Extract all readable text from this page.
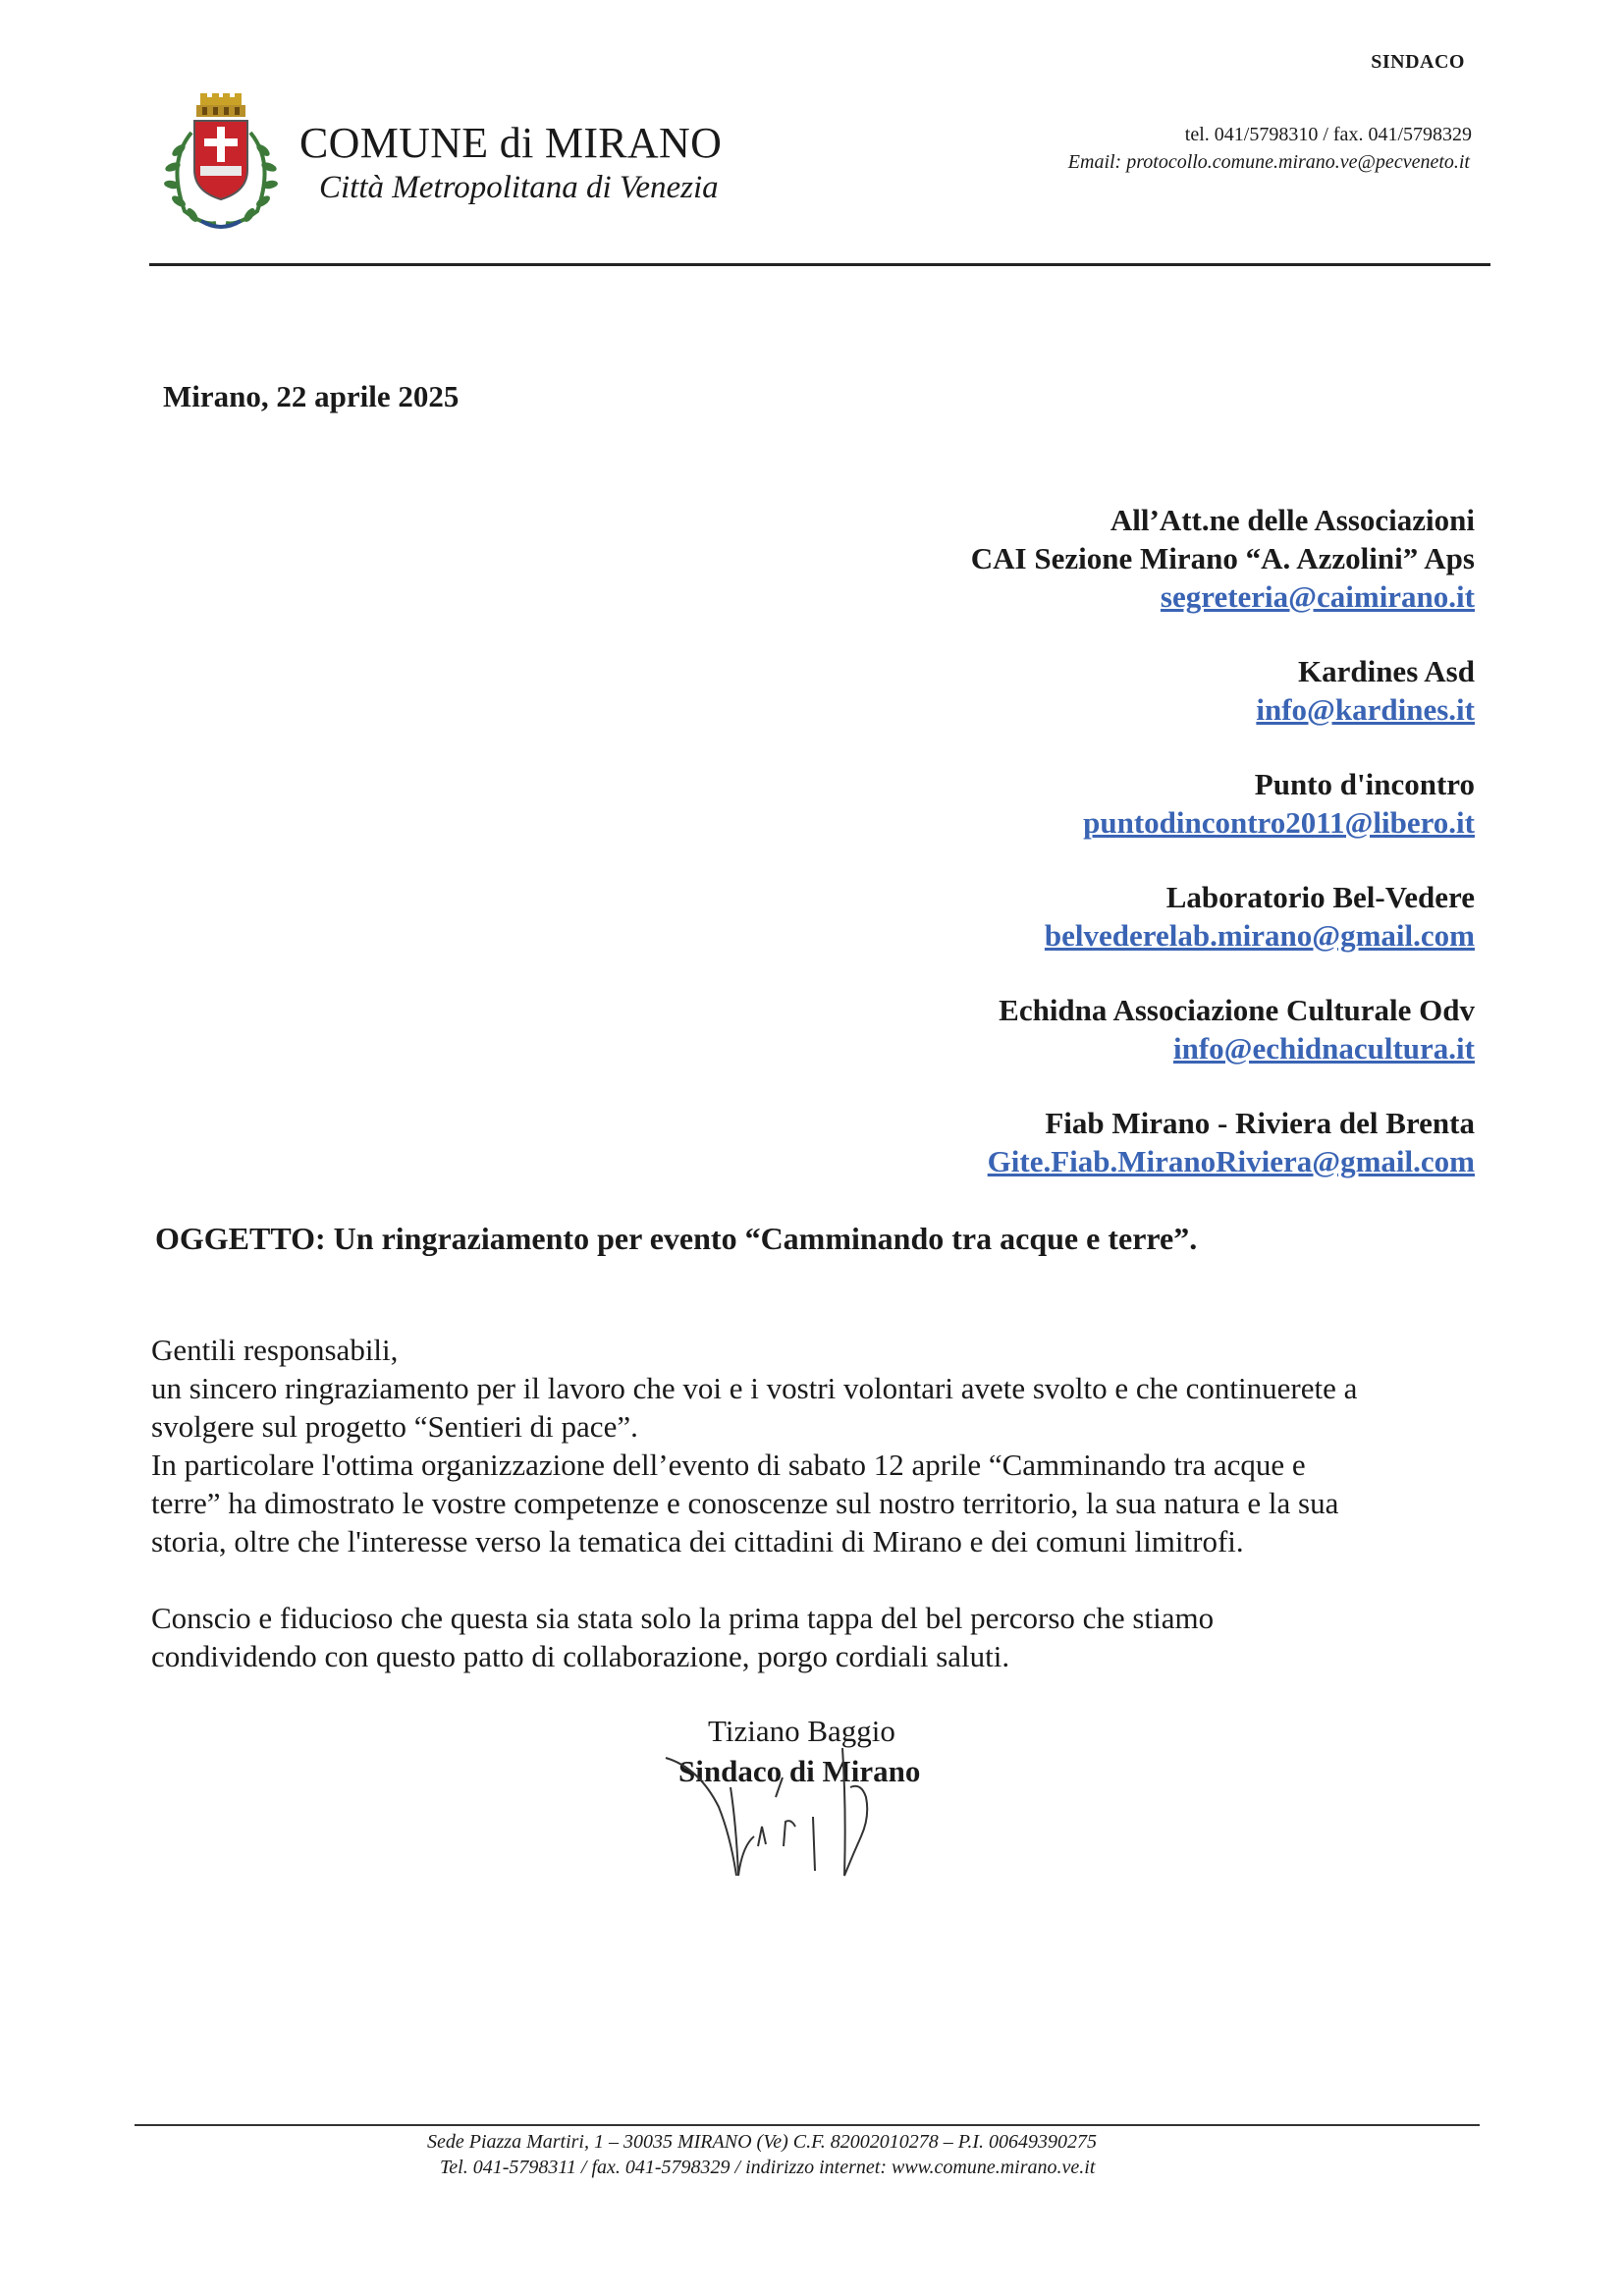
SINDACO
COMUNE di MIRANO
Città Metropolitana di Venezia
tel. 041/5798310 / fax. 041/5798329
Email: protocollo.comune.mirano.ve@pecveneto.it
Mirano, 22 aprile 2025
All’Att.ne delle Associazioni
CAI Sezione Mirano “A. Azzolini” Aps
segreteria@caimirano.it
Kardines Asd
info@kardines.it
Punto d'incontro
puntodincontro2011@libero.it
Laboratorio Bel-Vedere
belvederelab.mirano@gmail.com
Echidna Associazione Culturale Odv
info@echidnacultura.it
Fiab Mirano - Riviera del Brenta
Gite.Fiab.MiranoRiviera@gmail.com
OGGETTO: Un ringraziamento per evento “Camminando tra acque e terre”.

Gentili responsabili,

un sincero ringraziamento per il lavoro che voi e i vostri volontari avete svolto e che continuerete a

svolgere sul progetto “Sentieri di pace”.

In particolare l'ottima organizzazione dell’evento di sabato 12 aprile “Camminando tra acque e

terre” ha dimostrato le vostre competenze e conoscenze sul nostro territorio, la sua natura e la sua

storia, oltre che l'interesse verso la tematica dei cittadini di Mirano e dei comuni limitrofi.

Conscio e fiducioso che questa sia stata solo la prima tappa del bel percorso che stiamo

condividendo con questo patto di collaborazione, porgo cordiali saluti.

Tiziano Baggio
Sindaco di Mirano
Sede Piazza Martiri, 1 – 30035 MIRANO (Ve) C.F. 82002010278 – P.I. 00649390275
Tel. 041-5798311 / fax. 041-5798329 / indirizzo internet: www.comune.mirano.ve.it
